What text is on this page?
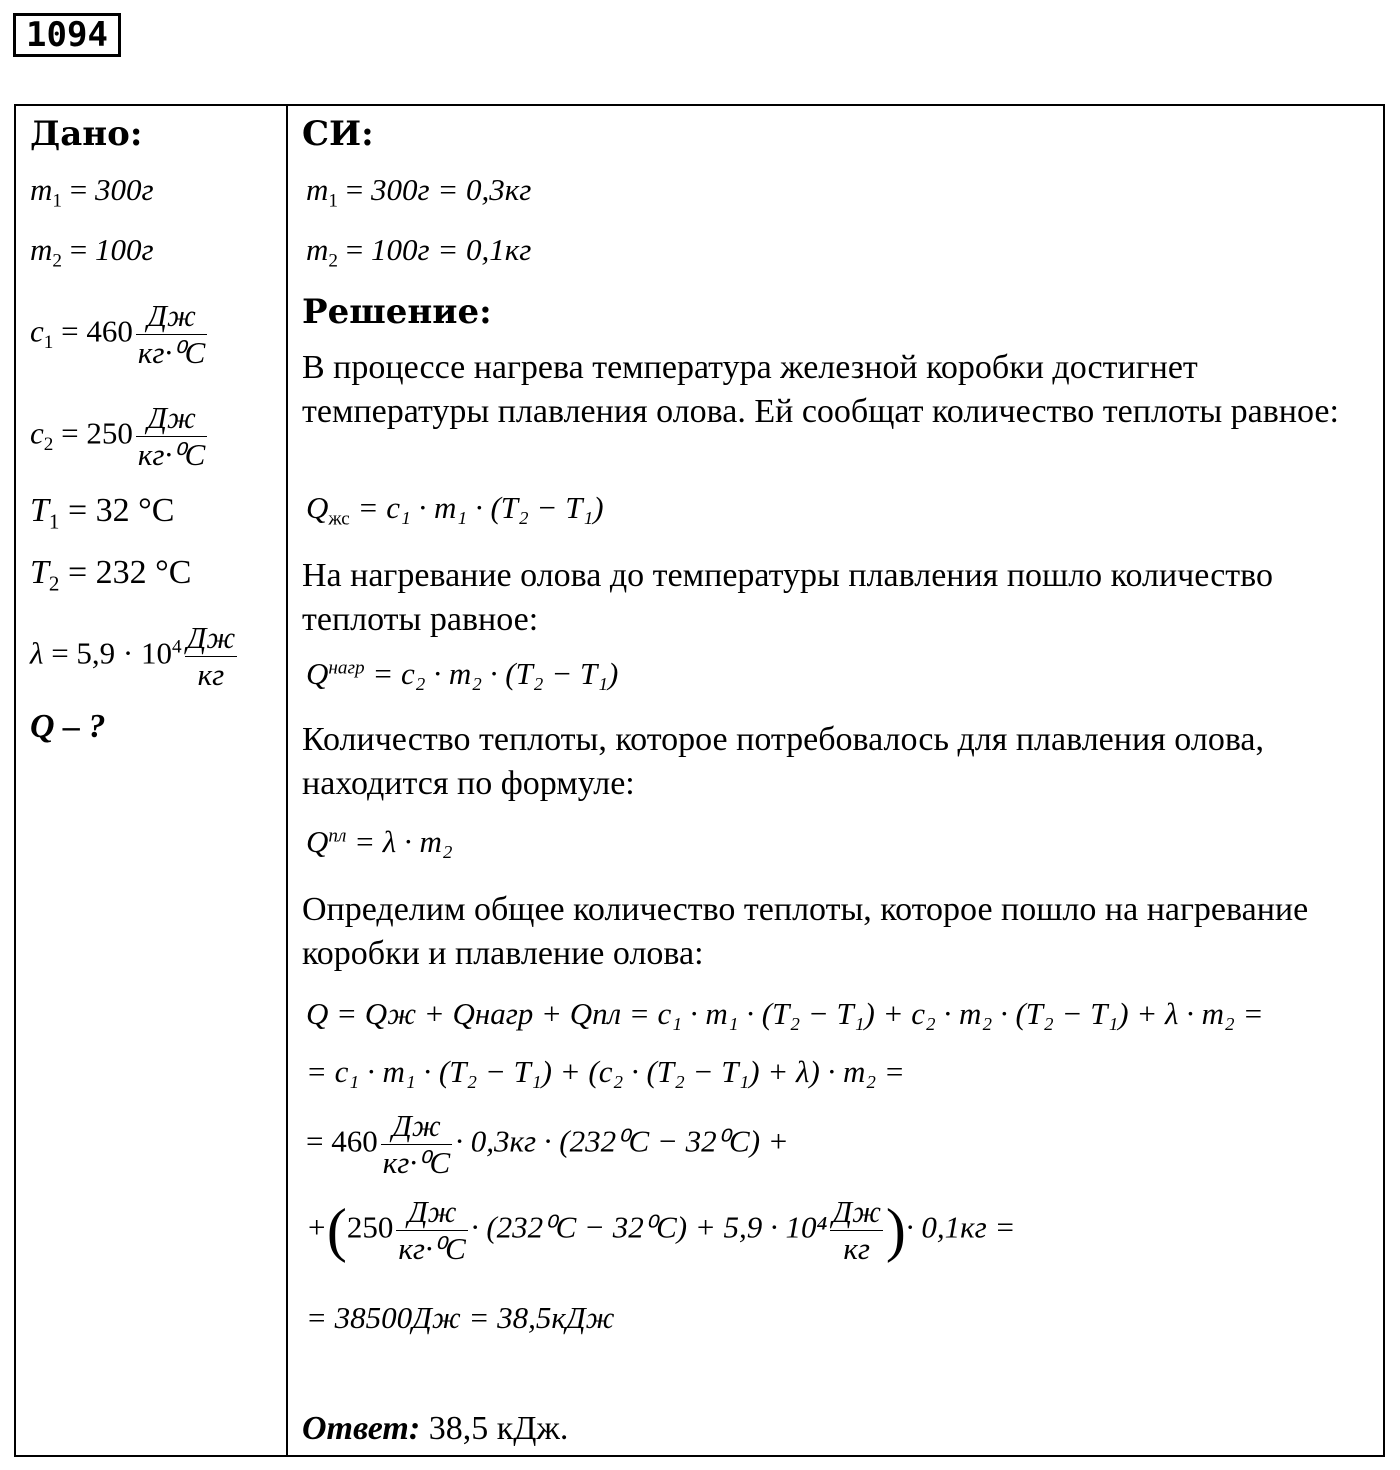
1094
Дано:
$m_1 = 300г$
$m_2 = 100г$
$c_1 = 460 \frac{Дж}{\text{кг·⁰C}}$
$c_2 = 250 \frac{Дж}{\text{кг·⁰C}}$
$T_1 = 32$ °C
$T_2 = 232$ °C
$\lambda = 5,9 \cdot 10^4 \frac{Дж}{кг}$
Q – ?
СИ:
$m_1 = 300г = 0,3кг$
$m_2 = 100г = 0,1кг$
Решение:
В процессе нагрева температура железной коробки достигнет температуры плавления олова. Ей сообщат количество теплоты равное:
$Q_{жс} = c_1 \cdot m_1 \cdot (T_2 - T_1)$
На нагревание олова до температуры плавления пошло количество теплоты равное:
$Q^{нагр} = c_2 \cdot m_2 \cdot (T_2 - T_1)$
Количество теплоты, которое потребовалось для плавления олова, находится по формуле:
$Q^{пл} = \lambda \cdot m_2$
Определим общее количество теплоты, которое пошло на нагревание коробки и плавление олова:
Q = Qж + Qнагр + Qпл = c₁ · m₁ · (T₂ − T₁) + c₂ · m₂ · (T₂ − T₁) + λ · m₂ =
= c₁ · m₁ · (T₂ − T₁) + (c₂ · (T₂ − T₁) + λ) · m₂ =
= $460 \frac{Дж}{\text{кг·⁰C}} \cdot 0,3кг \cdot (232^0C - 32^0C)$ +
$+(250 \frac{Дж}{\text{кг·⁰C}} \cdot (232^0C - 32^0C) + 5,9 \cdot 10^4 \frac{Дж}{кг}$ )· 0,1кг =
= 38500Дж = 38,5кДж
Ответ: 38,5 кДж.
